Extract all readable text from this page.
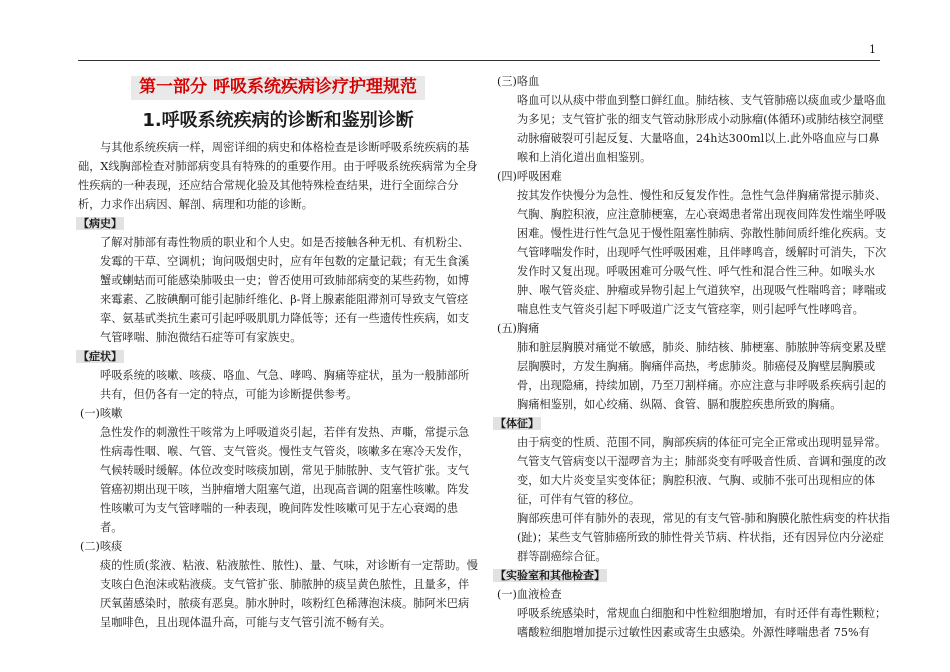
1
第一部分 呼吸系统疾病诊疗护理规范
1.呼吸系统疾病的诊断和鉴别诊断

与其他系统疾病一样，周密详细的病史和体格检查是诊断呼吸系统疾病的基础，X线胸部检查对肺部病变具有特殊的的重要作用。由于呼吸系统疾病常为全身性疾病的一种表现，还应结合常规化验及其他特殊检查结果，进行全面综合分析，力求作出病因、解剖、病理和功能的诊断。

【病史】

了解对肺部有毒性物质的职业和个人史。如是否接触各种无机、有机粉尘、发霉的干草、空调机；询问吸烟史时，应有年包数的定量记载；有无生食溪蟹或蝲蛄而可能感染肺吸虫一史；曾否使用可致肺部病变的某些药物，如博来霉素、乙胺碘酮可能引起肺纤维化、β-肾上腺素能阻滞剂可导致支气管痉挛、氨基甙类抗生素可引起呼吸肌肌力降低等；还有一些遗传性疾病，如支气管哮喘、肺泡微结石症等可有家族史。

【症状】

呼吸系统的咳嗽、咳痰、咯血、气急、哮鸣、胸痛等症状，虽为一般肺部所共有，但仍各有一定的特点，可能为诊断提供参考。

(一)咳嗽

急性发作的刺激性干咳常为上呼吸道炎引起，若伴有发热、声嘶，常提示急性病毒性咽、喉、气管、支气管炎。慢性支气管炎，咳嗽多在寒冷天发作，气候转暖时缓解。体位改变时咳痰加剧，常见于肺脓肿、支气管扩张。支气管癌初期出现干咳，当肿瘤增大阻塞气道，出现高音调的阻塞性咳嗽。阵发性咳嗽可为支气管哮喘的一种表现，晚间阵发性咳嗽可见于左心衰竭的患者。

(二)咳痰

痰的性质(浆液、粘液、粘液脓性、脓性)、量、气味，对诊断有一定帮助。慢支咳白色泡沫或粘液痰。支气管扩张、肺脓肿的痰呈黄色脓性，且量多，伴厌氧菌感染时，脓痰有恶臭。肺水肿时，咳粉红色稀薄泡沫痰。肺阿米巴病呈咖啡色，且出现体温升高，可能与支气管引流不畅有关。

(三)咯血

咯血可以从痰中带血到整口鲜红血。肺结核、支气管肺癌以痰血或少量咯血为多见；支气管扩张的细支气管动脉形成小动脉瘤(体循环)或肺结核空洞壁动脉瘤破裂可引起反复、大量咯血，24h达300ml以上.此外咯血应与口鼻喉和上消化道出血相鉴别。

(四)呼吸困难

按其发作快慢分为急性、慢性和反复发作性。急性气急伴胸痛常提示肺炎、气胸、胸腔积液，应注意肺梗塞，左心衰竭患者常出现夜间阵发性端坐呼吸困难。慢性进行性气急见于慢性阻塞性肺病、弥散性肺间质纤维化疾病。支气管哮喘发作时，出现呼气性呼吸困难，且伴哮鸣音，缓解时可消失，下次发作时又复出现。呼吸困难可分吸气性、呼气性和混合性三种。如喉头水肿、喉气管炎症、肿瘤或异物引起上气道狭窄，出现吸气性喘鸣音；哮喘或喘息性支气管炎引起下呼吸道广泛支气管痉挛，则引起呼气性哮鸣音。

(五)胸痛

肺和脏层胸膜对痛觉不敏感，肺炎、肺结核、肺梗塞、肺脓肿等病变累及壁层胸膜时，方发生胸痛。胸痛伴高热，考虑肺炎。肺癌侵及胸壁层胸膜或骨，出现隐痛，持续加剧，乃至刀割样痛。亦应注意与非呼吸系疾病引起的胸痛相鉴别，如心绞痛、纵隔、食管、膈和腹腔疾患所致的胸痛。

【体征】

由于病变的性质、范围不同，胸部疾病的体征可完全正常或出现明显异常。气管支气管病变以干湿啰音为主；肺部炎变有呼吸音性质、音调和强度的改变，如大片炎变呈实变体征；胸腔积液、气胸、或肺不张可出现相应的体征，可伴有气管的移位。

胸部疾患可伴有肺外的表现，常见的有支气管-肺和胸膜化脓性病变的杵状指(趾)；某些支气管肺癌所致的肺性骨关节病、杵状指，还有因异位内分泌症群等副癌综合征。

【实验室和其他检查】
(一)血液检查

呼吸系统感染时，常规血白细胞和中性粒细胞增加，有时还伴有毒性颗粒；嗜酸粒细胞增加提示过敏性因素或寄生虫感染。外源性哮喘患者 75%有
